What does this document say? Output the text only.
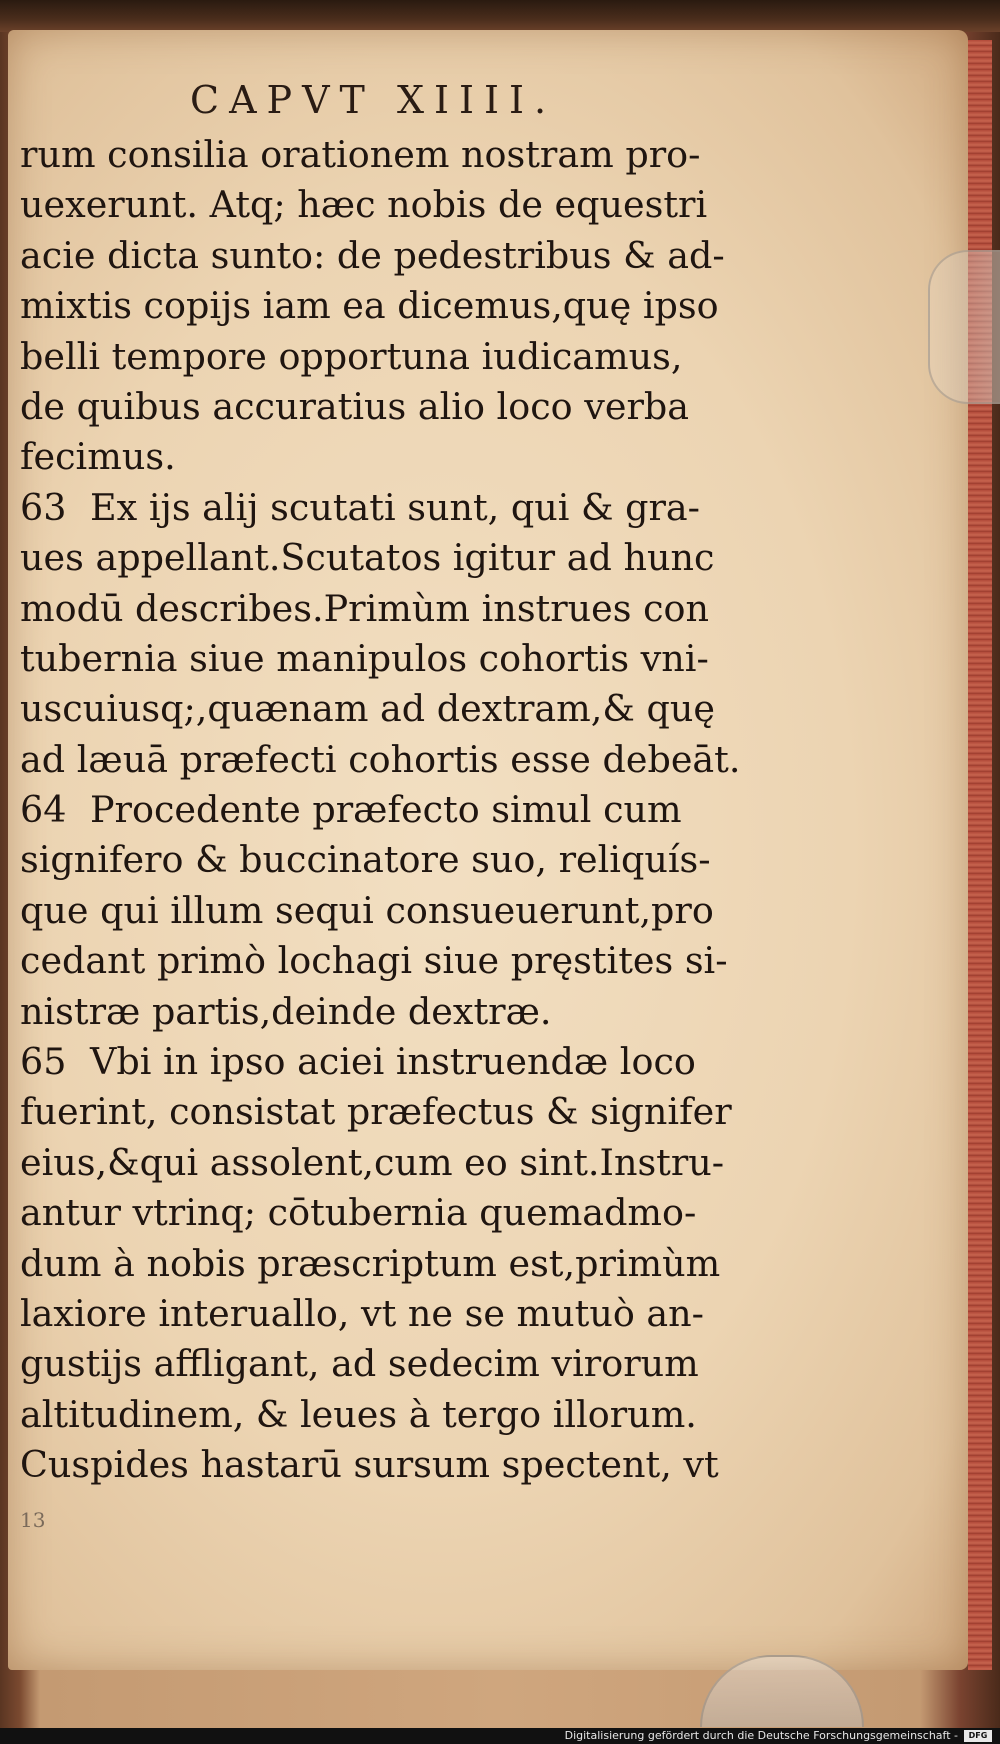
CAPVT XIIII.
rum consilia orationem nostram pro-
uexerunt. Atq; hæc nobis de equestri
acie dicta sunto: de pedestribus & ad-
mixtis copijs iam ea dicemus,quę ipso
belli tempore opportuna iudicamus,
de quibus accuratius alio loco verba
fecimus.
63 Ex ijs alij scutati sunt, qui & gra-
ues appellant.Scutatos igitur ad hunc
modū describes.Primùm instrues con
tubernia siue manipulos cohortis vni-
uscuiusq;,quænam ad dextram,& quę
ad læuā præfecti cohortis esse debeāt.
64 Procedente præfecto simul cum
signifero & buccinatore suo, reliquís-
que qui illum sequi consueuerunt,pro
cedant primò lochagi siue pręstites si-
nistræ partis,deinde dextræ.
65 Vbi in ipso aciei instruendæ loco
fuerint, consistat præfectus & signifer
eius,&qui assolent,cum eo sint.Instru-
antur vtrinq; cōtubernia quemadmo-
dum à nobis præscriptum est,primùm
laxiore interuallo, vt ne se mutuò an-
gustijs affligant, ad sedecim virorum
altitudinem, & leues à tergo illorum.
Cuspides hastarū sursum spectent, vt
13
Digitalisierung gefördert durch die Deutsche Forschungsgemeinschaft -	DFG
